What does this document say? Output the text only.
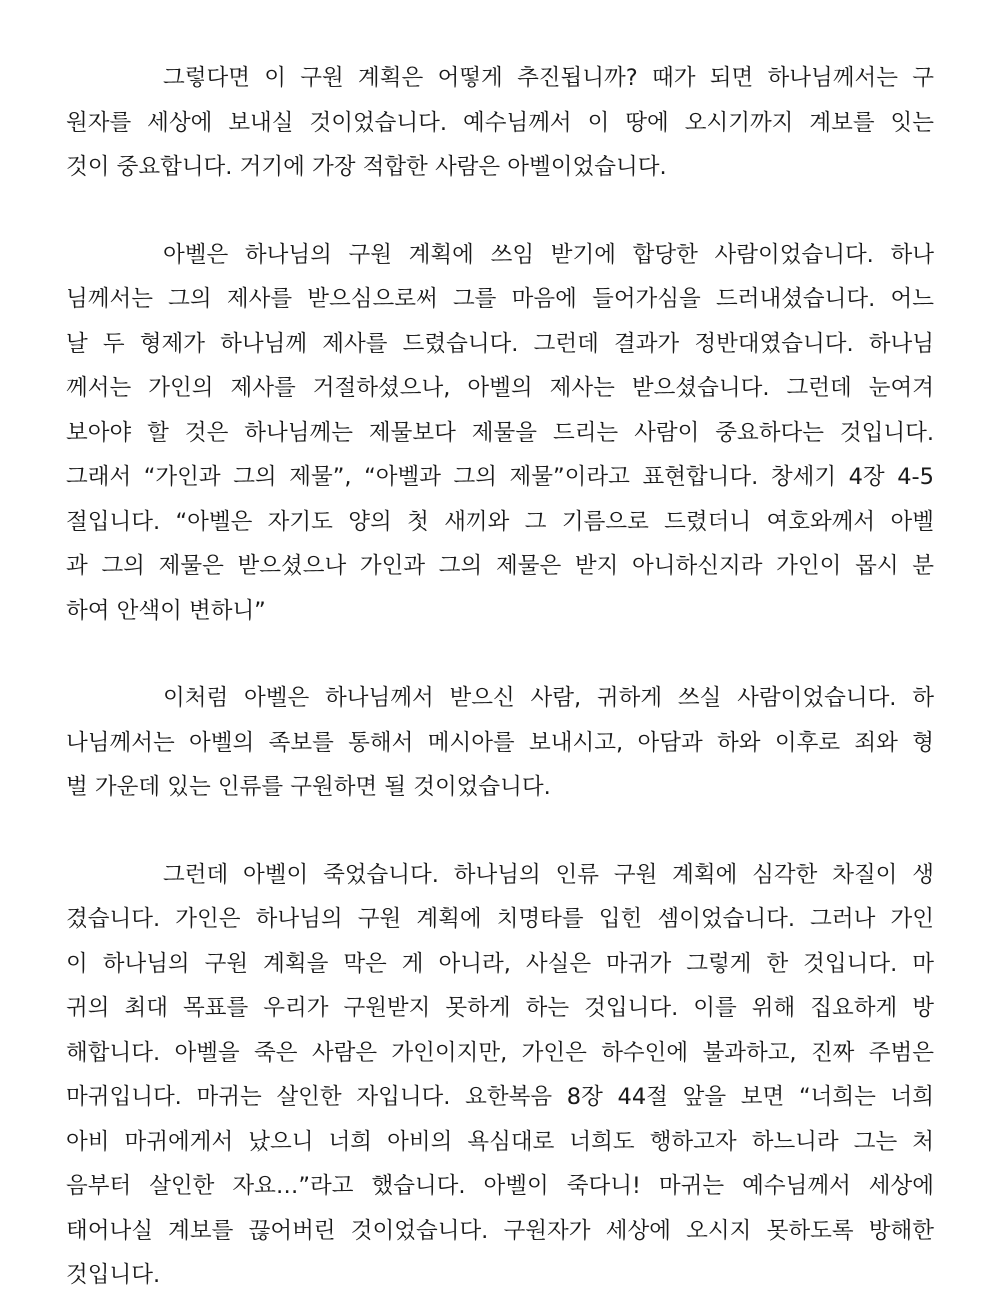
그렇다면 이 구원 계획은 어떻게 추진됩니까? 때가 되면 하나님께서는 구
원자를 세상에 보내실 것이었습니다. 예수님께서 이 땅에 오시기까지 계보를 잇는
것이 중요합니다. 거기에 가장 적합한 사람은 아벨이었습니다.
아벨은 하나님의 구원 계획에 쓰임 받기에 합당한 사람이었습니다. 하나
님께서는 그의 제사를 받으심으로써 그를 마음에 들어가심을 드러내셨습니다. 어느
날 두 형제가 하나님께 제사를 드렸습니다. 그런데 결과가 정반대였습니다. 하나님
께서는 가인의 제사를 거절하셨으나, 아벨의 제사는 받으셨습니다. 그런데 눈여겨
보아야 할 것은 하나님께는 제물보다 제물을 드리는 사람이 중요하다는 것입니다.
그래서 “가인과 그의 제물”, “아벨과 그의 제물”이라고 표현합니다. 창세기 4장 4-5
절입니다. “아벨은 자기도 양의 첫 새끼와 그 기름으로 드렸더니 여호와께서 아벨
과 그의 제물은 받으셨으나 가인과 그의 제물은 받지 아니하신지라 가인이 몹시 분
하여 안색이 변하니”
이처럼 아벨은 하나님께서 받으신 사람, 귀하게 쓰실 사람이었습니다. 하
나님께서는 아벨의 족보를 통해서 메시아를 보내시고, 아담과 하와 이후로 죄와 형
벌 가운데 있는 인류를 구원하면 될 것이었습니다.
그런데 아벨이 죽었습니다. 하나님의 인류 구원 계획에 심각한 차질이 생
겼습니다. 가인은 하나님의 구원 계획에 치명타를 입힌 셈이었습니다. 그러나 가인
이 하나님의 구원 계획을 막은 게 아니라, 사실은 마귀가 그렇게 한 것입니다. 마
귀의 최대 목표를 우리가 구원받지 못하게 하는 것입니다. 이를 위해 집요하게 방
해합니다. 아벨을 죽은 사람은 가인이지만, 가인은 하수인에 불과하고, 진짜 주범은
마귀입니다. 마귀는 살인한 자입니다. 요한복음 8장 44절 앞을 보면 “너희는 너희
아비 마귀에게서 났으니 너희 아비의 욕심대로 너희도 행하고자 하느니라 그는 처
음부터 살인한 자요…”라고 했습니다. 아벨이 죽다니! 마귀는 예수님께서 세상에
태어나실 계보를 끊어버린 것이었습니다. 구원자가 세상에 오시지 못하도록 방해한
것입니다.
